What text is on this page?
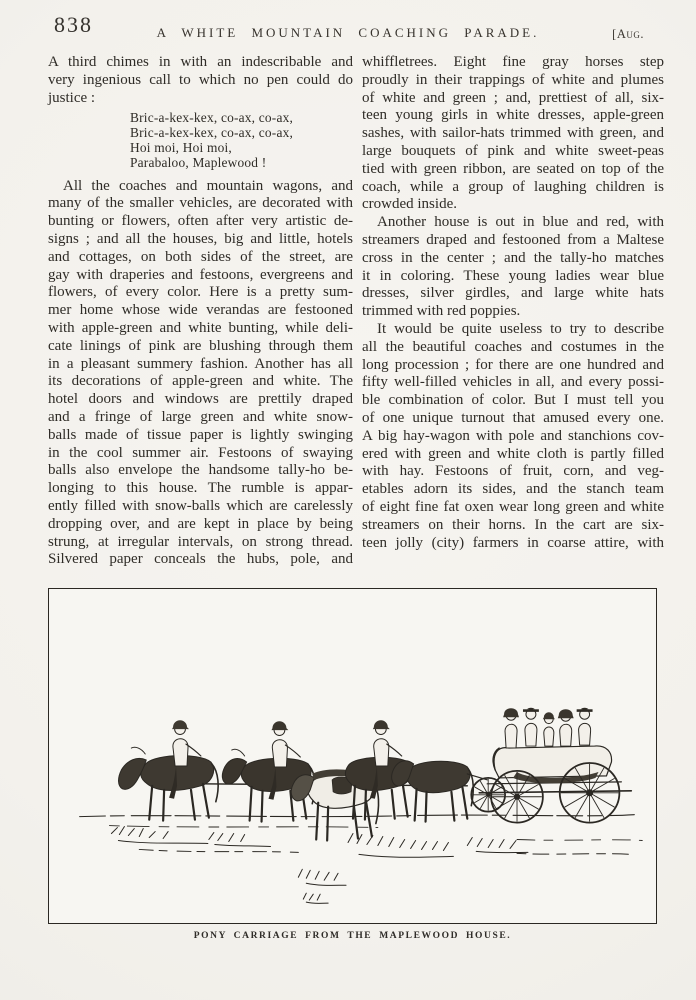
838	A WHITE MOUNTAIN COACHING PARADE.	[Aug.
A third chimes in with an indescribable and
very ingenious call to which no pen could do
justice :
Bric-a-kex-kex, co-ax, co-ax,
Bric-a-kex-kex, co-ax, co-ax,
Hoi moi, Hoi moi,
Parabaloo, Maplewood !
All the coaches and mountain wagons, and
many of the smaller vehicles, are decorated with
bunting or flowers, often after very artistic de-
signs ; and all the houses, big and little, hotels
and cottages, on both sides of the street, are
gay with draperies and festoons, evergreens and
flowers, of every color. Here is a pretty sum-
mer home whose wide verandas are festooned
with apple-green and white bunting, while deli-
cate linings of pink are blushing through them
in a pleasant summery fashion. Another has all
its decorations of apple-green and white. The
hotel doors and windows are prettily draped
and a fringe of large green and white snow-
balls made of tissue paper is lightly swinging
in the cool summer air. Festoons of swaying
balls also envelope the handsome tally-ho be-
longing to this house. The rumble is appar-
ently filled with snow-balls which are carelessly
dropping over, and are kept in place by being
strung, at irregular intervals, on strong thread.
Silvered paper conceals the hubs, pole, and
whiffletrees. Eight fine gray horses step
proudly in their trappings of white and plumes
of white and green ; and, prettiest of all, six-
teen young girls in white dresses, apple-green
sashes, with sailor-hats trimmed with green, and
large bouquets of pink and white sweet-peas
tied with green ribbon, are seated on top of the
coach, while a group of laughing children is
crowded inside.
Another house is out in blue and red, with
streamers draped and festooned from a Maltese
cross in the center ; and the tally-ho matches
it in coloring. These young ladies wear blue
dresses, silver girdles, and large white hats
trimmed with red poppies.
It would be quite useless to try to describe
all the beautiful coaches and costumes in the
long procession ; for there are one hundred and
fifty well-filled vehicles in all, and every possi-
ble combination of color. But I must tell you
of one unique turnout that amused every one.
A big hay-wagon with pole and stanchions cov-
ered with green and white cloth is partly filled
with hay. Festoons of fruit, corn, and veg-
etables adorn its sides, and the stanch team
of eight fine fat oxen wear long green and white
streamers on their horns. In the cart are six-
teen jolly (city) farmers in coarse attire, with
PONY CARRIAGE FROM THE MAPLEWOOD HOUSE.
